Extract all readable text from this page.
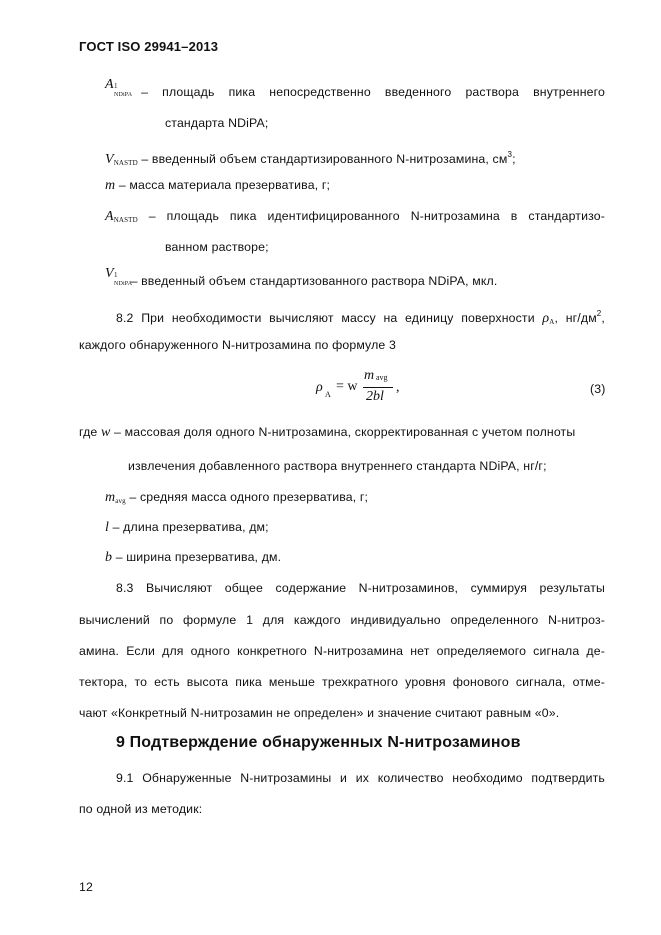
ГОСТ ISO 29941–2013
A 1
NDiPA – площадь пика непосредственно введенного раствора внутреннего
стандарта NDiPA;
VNASTD – введенный объем стандартизированного N-нитрозамина, $см^3$;
m – масса материала презерватива, г;
ANASTD – площадь пика идентифицированного N-нитрозамина в стандартизо-
ванном растворе;
V 1
NDiPA
– введенный объем стандартизованного раствора NDiPA, мкл.
8.2 При необходимости вычисляют массу на единицу поверхности ρA, $нг/дм^2$,
каждого обнаруженного N-нитрозамина по формуле 3
ρ A
= w
m avg
2bl
,	(3)
где w – массовая доля одного N-нитрозамина, скорректированная с учетом полноты
извлечения добавленного раствора внутреннего стандарта NDiPA, нг/г;
mavg – средняя масса одного презерватива, г;
l – длина презерватива, дм;
b – ширина презерватива, дм.
8.3 Вычисляют общее содержание N-нитрозаминов, суммируя результаты
вычислений по формуле 1 для каждого индивидуально определенного N-нитроз-
амина. Если для одного конкретного N-нитрозамина нет определяемого сигнала де-
тектора, то есть высота пика меньше трехкратного уровня фонового сигнала, отме-
чают «Конкретный N-нитрозамин не определен» и значение считают равным «0».
9 Подтверждение обнаруженных N-нитрозаминов
9.1 Обнаруженные N-нитрозамины и их количество необходимо подтвердить
по одной из методик:
12
